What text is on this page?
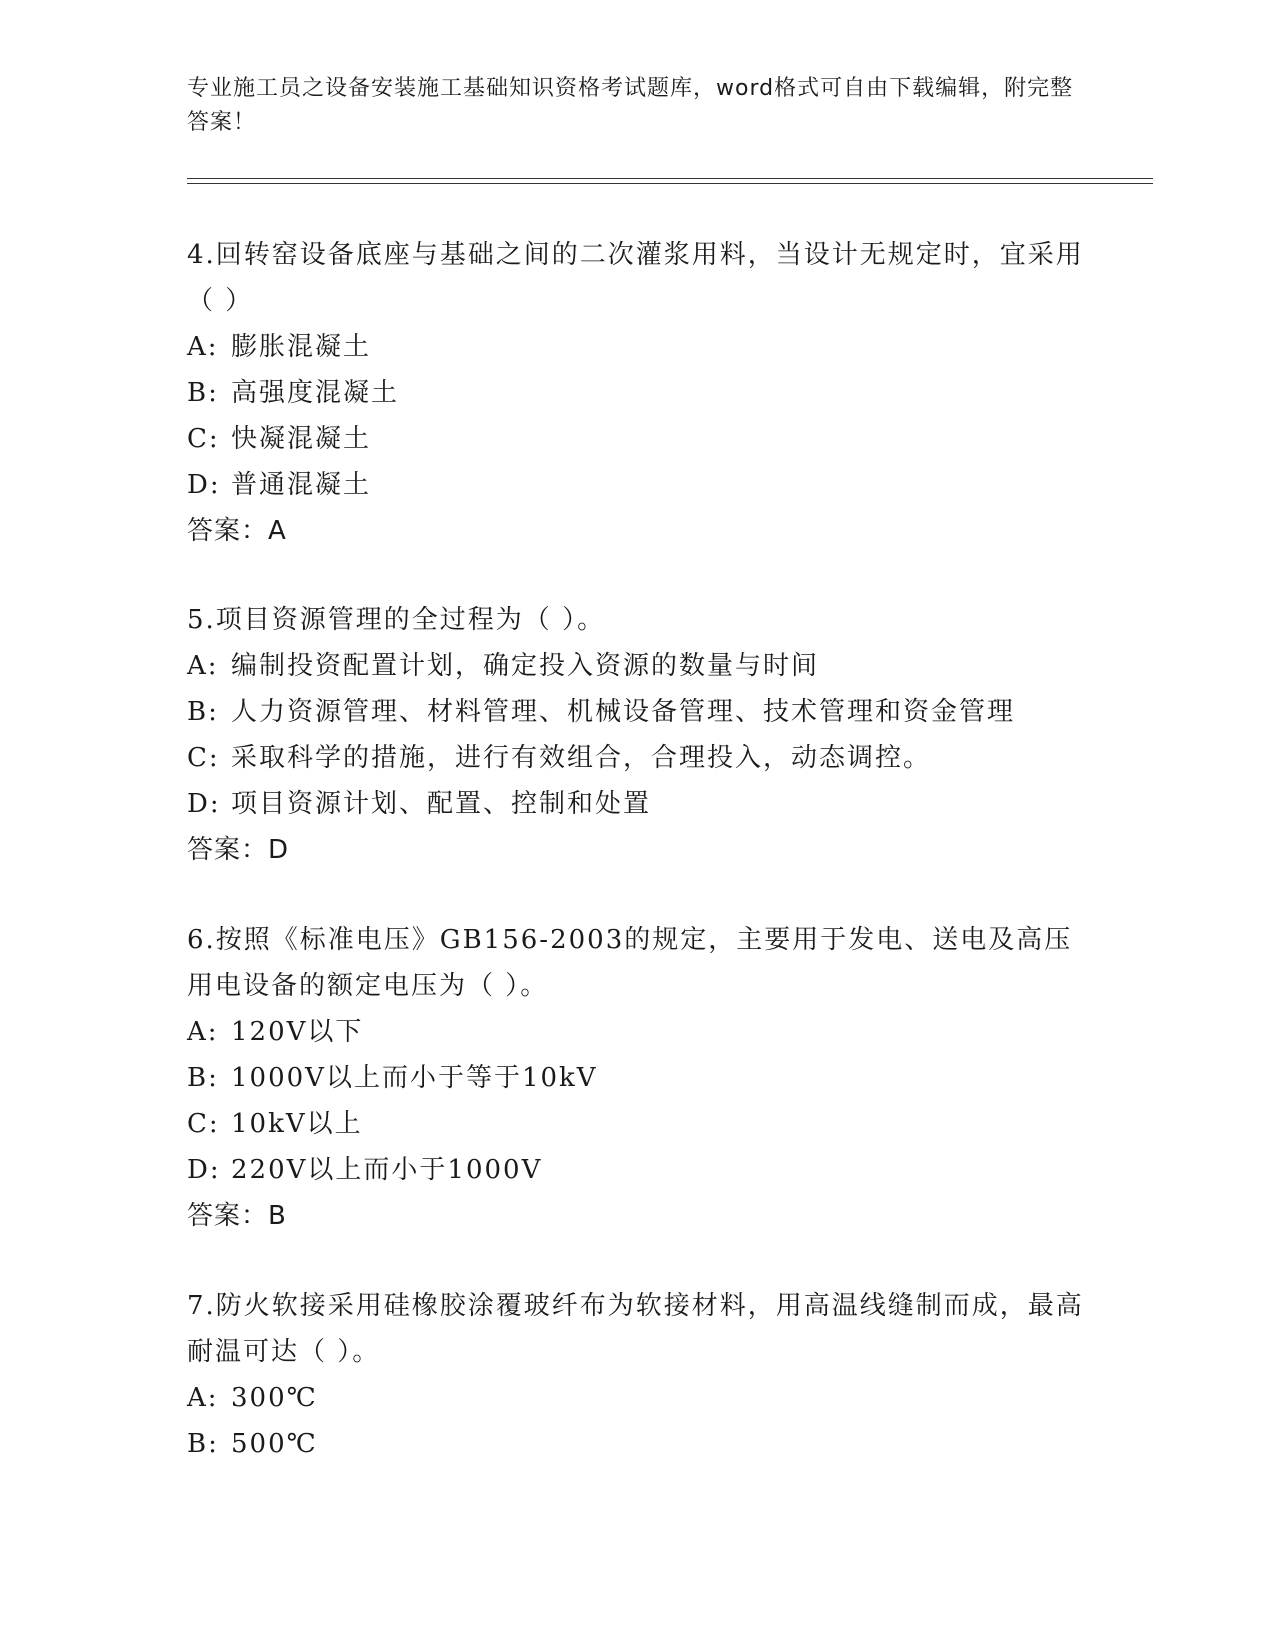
专业施工员之设备安装施工基础知识资格考试题库，word格式可自由下载编辑，附完整答案！

4.回转窑设备底座与基础之间的二次灌浆用料，当设计无规定时，宜采用（ ）

A: 膨胀混凝土
B: 高强度混凝土
C: 快凝混凝土
D: 普通混凝土
答案：A

5.项目资源管理的全过程为（ ）。

A: 编制投资配置计划，确定投入资源的数量与时间
B: 人力资源管理、材料管理、机械设备管理、技术管理和资金管理
C: 采取科学的措施，进行有效组合，合理投入，动态调控。
D: 项目资源计划、配置、控制和处置
答案：D

6.按照《标准电压》GB156-2003的规定，主要用于发电、送电及高压用电设备的额定电压为（ ）。

A: 120V以下
B: 1000V以上而小于等于10kV
C: 10kV以上
D: 220V以上而小于1000V
答案：B

7.防火软接采用硅橡胶涂覆玻纤布为软接材料，用高温线缝制而成，最高耐温可达（ ）。

A: 300℃
B: 500℃
